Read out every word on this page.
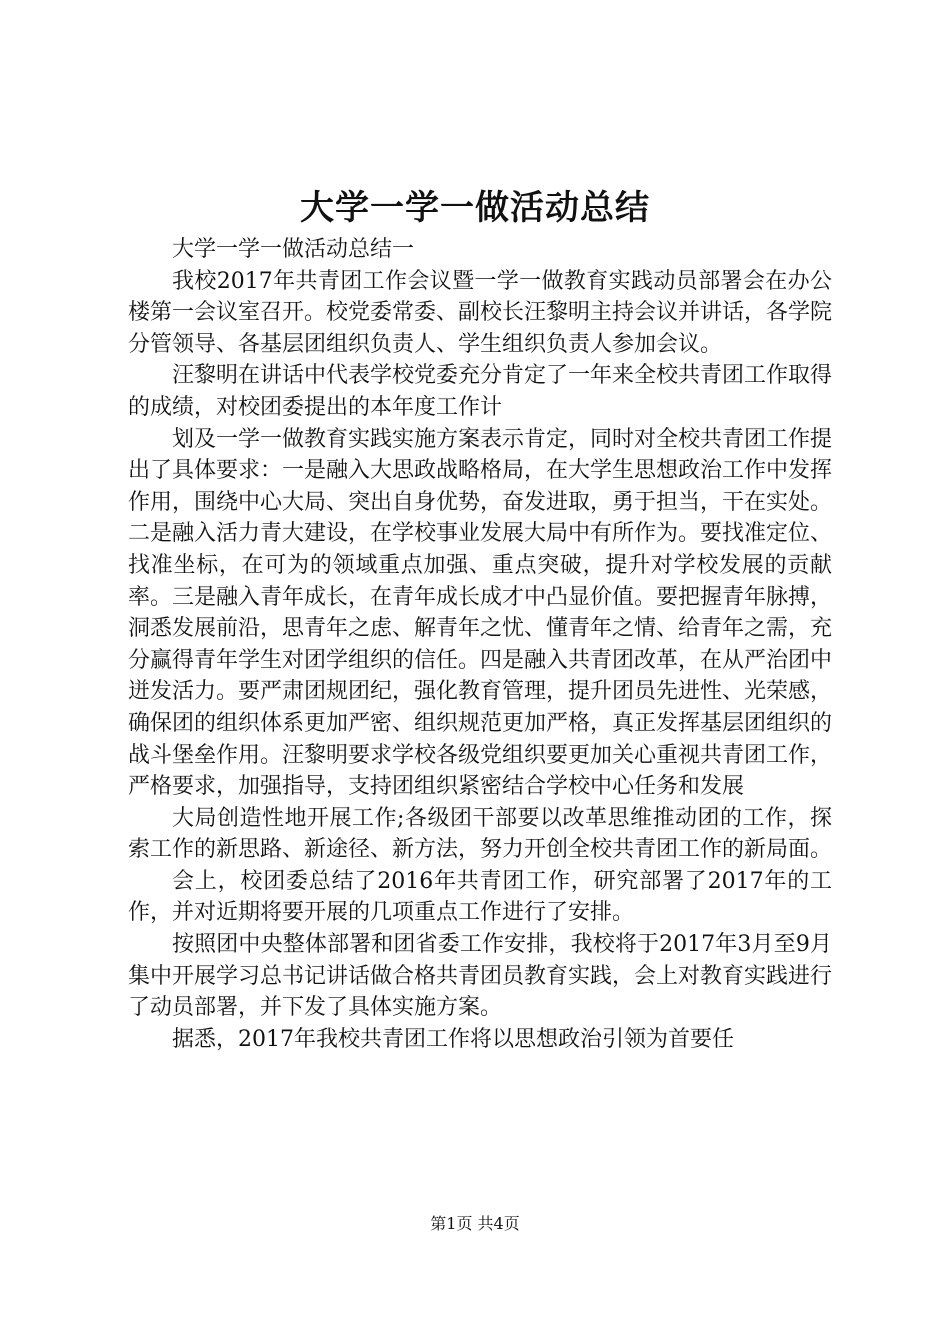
大学一学一做活动总结

大学一学一做活动总结一

我校2017年共青团工作会议暨一学一做教育实践动员部署会在办公楼第一会议室召开。校党委常委、副校长汪黎明主持会议并讲话，各学院分管领导、各基层团组织负责人、学生组织负责人参加会议。

汪黎明在讲话中代表学校党委充分肯定了一年来全校共青团工作取得的成绩，对校团委提出的本年度工作计

划及一学一做教育实践实施方案表示肯定，同时对全校共青团工作提出了具体要求：一是融入大思政战略格局，在大学生思想政治工作中发挥作用，围绕中心大局、突出自身优势，奋发进取，勇于担当，干在实处。二是融入活力青大建设，在学校事业发展大局中有所作为。要找准定位、找准坐标，在可为的领域重点加强、重点突破，提升对学校发展的贡献率。三是融入青年成长，在青年成长成才中凸显价值。要把握青年脉搏，洞悉发展前沿，思青年之虑、解青年之忧、懂青年之情、给青年之需，充分赢得青年学生对团学组织的信任。四是融入共青团改革，在从严治团中迸发活力。要严肃团规团纪，强化教育管理，提升团员先进性、光荣感，确保团的组织体系更加严密、组织规范更加严格，真正发挥基层团组织的战斗堡垒作用。汪黎明要求学校各级党组织要更加关心重视共青团工作，严格要求，加强指导，支持团组织紧密结合学校中心任务和发展

大局创造性地开展工作;各级团干部要以改革思维推动团的工作，探索工作的新思路、新途径、新方法，努力开创全校共青团工作的新局面。

会上，校团委总结了2016年共青团工作，研究部署了2017年的工作，并对近期将要开展的几项重点工作进行了安排。

按照团中央整体部署和团省委工作安排，我校将于2017年3月至9月集中开展学习总书记讲话做合格共青团员教育实践，会上对教育实践进行了动员部署，并下发了具体实施方案。

据悉，2017年我校共青团工作将以思想政治引领为首要任

第1页 共4页
